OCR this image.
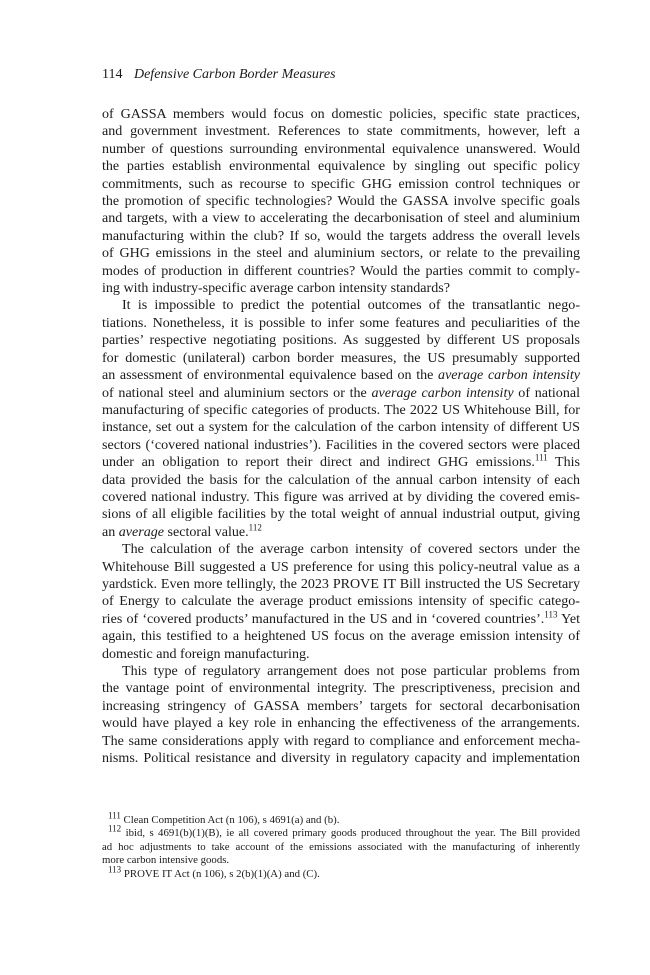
114 Defensive Carbon Border Measures
of GASSA members would focus on domestic policies, specific state practices,
and government investment. References to state commitments, however, left a
number of questions surrounding environmental equivalence unanswered. Would
the parties establish environmental equivalence by singling out specific policy
commitments, such as recourse to specific GHG emission control techniques or
the promotion of specific technologies? Would the GASSA involve specific goals
and targets, with a view to accelerating the decarbonisation of steel and aluminium
manufacturing within the club? If so, would the targets address the overall levels
of GHG emissions in the steel and aluminium sectors, or relate to the prevailing
modes of production in different countries? Would the parties commit to comply-
ing with industry-specific average carbon intensity standards?
It is impossible to predict the potential outcomes of the transatlantic nego-
tiations. Nonetheless, it is possible to infer some features and peculiarities of the
parties’ respective negotiating positions. As suggested by different US proposals
for domestic (unilateral) carbon border measures, the US presumably supported
an assessment of environmental equivalence based on the average carbon intensity
of national steel and aluminium sectors or the average carbon intensity of national
manufacturing of specific categories of products. The 2022 US Whitehouse Bill, for
instance, set out a system for the calculation of the carbon intensity of different US
sectors (‘covered national industries’). Facilities in the covered sectors were placed
under an obligation to report their direct and indirect GHG emissions.$^{111}$ This
data provided the basis for the calculation of the annual carbon intensity of each
covered national industry. This figure was arrived at by dividing the covered emis-
sions of all eligible facilities by the total weight of annual industrial output, giving
an average sectoral value.$^{112}$
The calculation of the average carbon intensity of covered sectors under the
Whitehouse Bill suggested a US preference for using this policy-neutral value as a
yardstick. Even more tellingly, the 2023 PROVE IT Bill instructed the US Secretary
of Energy to calculate the average product emissions intensity of specific catego-
ries of ‘covered products’ manufactured in the US and in ‘covered countries’.$^{113}$ Yet
again, this testified to a heightened US focus on the average emission intensity of
domestic and foreign manufacturing.
This type of regulatory arrangement does not pose particular problems from
the vantage point of environmental integrity. The prescriptiveness, precision and
increasing stringency of GASSA members’ targets for sectoral decarbonisation
would have played a key role in enhancing the effectiveness of the arrangements.
The same considerations apply with regard to compliance and enforcement mecha-
nisms. Political resistance and diversity in regulatory capacity and implementation
$^{111}$ Clean Competition Act (n 106), s 4691(a) and (b).
$^{112}$ ibid, s 4691(b)(1)(B), ie all covered primary goods produced throughout the year. The Bill provided
ad hoc adjustments to take account of the emissions associated with the manufacturing of inherently
more carbon intensive goods.
$^{113}$ PROVE IT Act (n 106), s 2(b)(1)(A) and (C).
